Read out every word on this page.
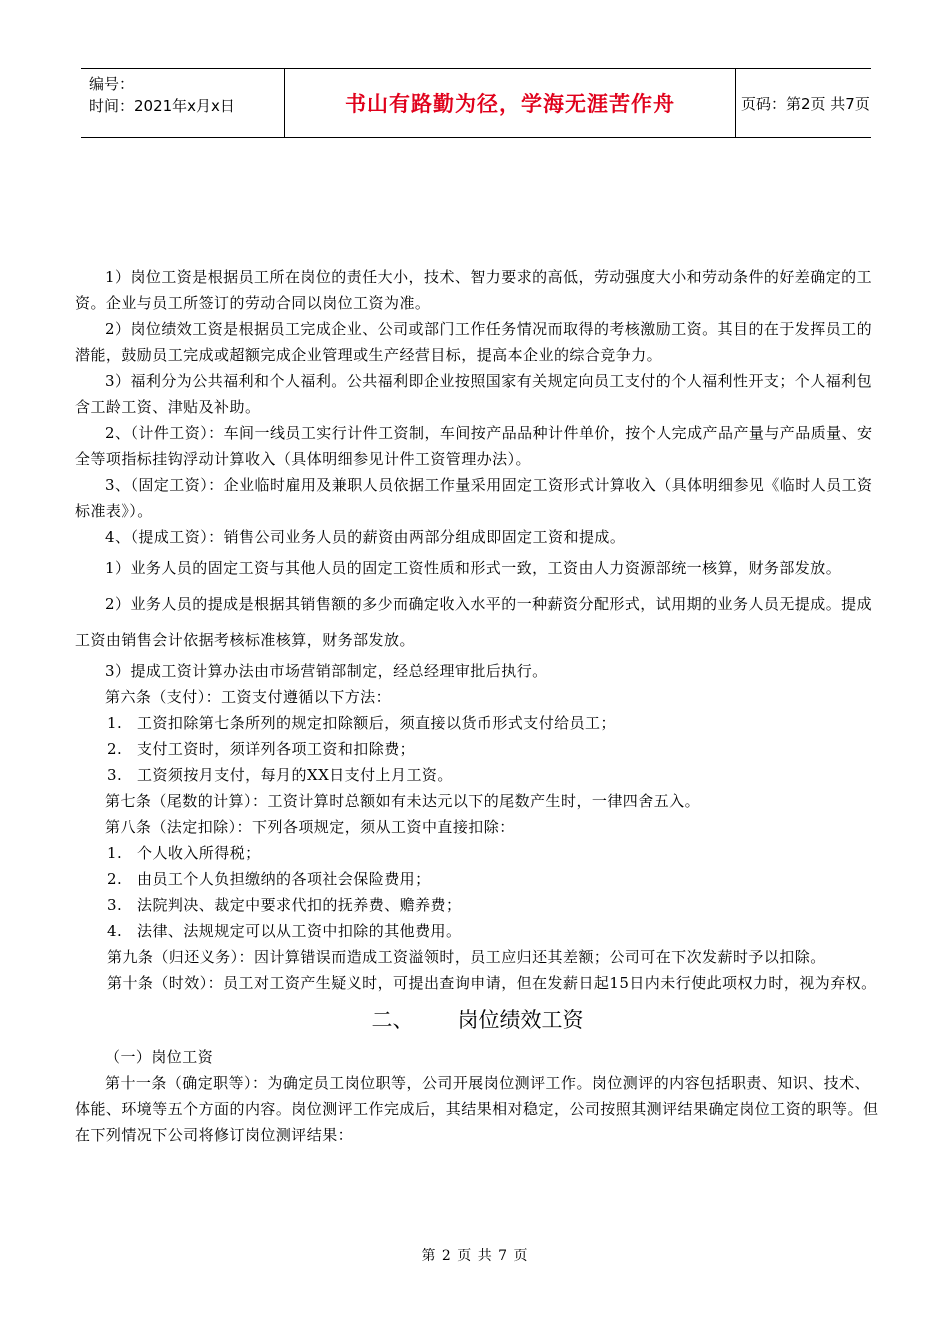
编号：
时间：2021年x月x日	书山有路勤为径，学海无涯苦作舟	页码：第2页 共7页

1）岗位工资是根据员工所在岗位的责任大小，技术、智力要求的高低，劳动强度大小和劳动条件的好差确定的工资。企业与员工所签订的劳动合同以岗位工资为准。

2）岗位绩效工资是根据员工完成企业、公司或部门工作任务情况而取得的考核激励工资。其目的在于发挥员工的潜能，鼓励员工完成或超额完成企业管理或生产经营目标，提高本企业的综合竞争力。

3）福利分为公共福利和个人福利。公共福利即企业按照国家有关规定向员工支付的个人福利性开支；个人福利包含工龄工资、津贴及补助。

2、（计件工资）：车间一线员工实行计件工资制，车间按产品品种计件单价，按个人完成产品产量与产品质量、安全等项指标挂钩浮动计算收入（具体明细参见计件工资管理办法）。

3、（固定工资）：企业临时雇用及兼职人员依据工作量采用固定工资形式计算收入（具体明细参见《临时人员工资标准表》）。

4、（提成工资）：销售公司业务人员的薪资由两部分组成即固定工资和提成。

1）业务人员的固定工资与其他人员的固定工资性质和形式一致，工资由人力资源部统一核算，财务部发放。

2）业务人员的提成是根据其销售额的多少而确定收入水平的一种薪资分配形式，试用期的业务人员无提成。提成工资由销售会计依据考核标准核算，财务部发放。

3）提成工资计算办法由市场营销部制定，经总经理审批后执行。

第六条（支付）：工资支付遵循以下方法：

1. 工资扣除第七条所列的规定扣除额后，须直接以货币形式支付给员工；

2. 支付工资时，须详列各项工资和扣除费；

3. 工资须按月支付，每月的XX日支付上月工资。

第七条（尾数的计算）：工资计算时总额如有未达元以下的尾数产生时，一律四舍五入。

第八条（法定扣除）：下列各项规定，须从工资中直接扣除：

1. 个人收入所得税；

2. 由员工个人负担缴纳的各项社会保险费用；

3. 法院判决、裁定中要求代扣的抚养费、赡养费；

4. 法律、法规规定可以从工资中扣除的其他费用。

第九条（归还义务）：因计算错误而造成工资溢领时，员工应归还其差额；公司可在下次发薪时予以扣除。

第十条（时效）：员工对工资产生疑义时，可提出查询申请，但在发薪日起15日内未行使此项权力时，视为弃权。

二、 岗位绩效工资

（一）岗位工资

第十一条（确定职等）：为确定员工岗位职等，公司开展岗位测评工作。岗位测评的内容包括职责、知识、技术、体能、环境等五个方面的内容。岗位测评工作完成后，其结果相对稳定，公司按照其测评结果确定岗位工资的职等。但在下列情况下公司将修订岗位测评结果：

第 2 页 共 7 页
